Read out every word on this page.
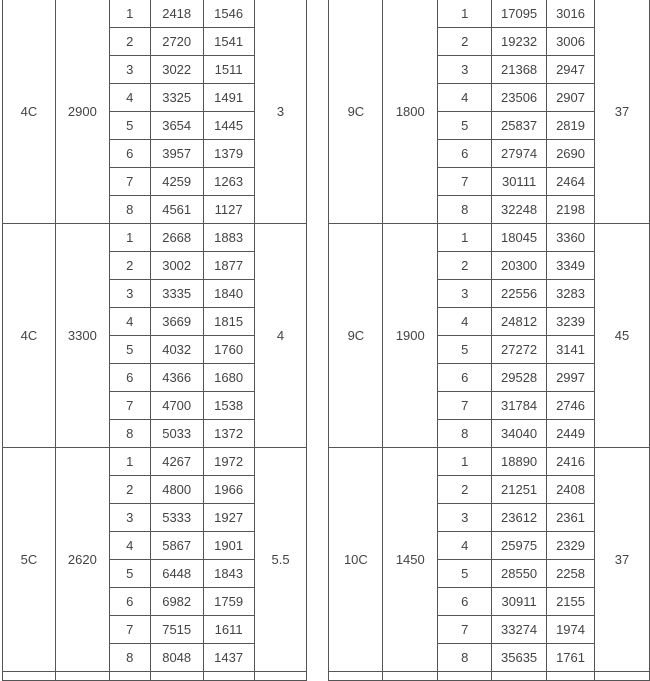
4C	2900	1	2418	1546	3		9C	1800	1	17095	3016	37
		2	2720	1541					2	19232	3006	
		3	3022	1511					3	21368	2947	
		4	3325	1491					4	23506	2907	
		5	3654	1445					5	25837	2819	
		6	3957	1379					6	27974	2690	
		7	4259	1263					7	30111	2464	
		8	4561	1127					8	32248	2198	
4C	3300	1	2668	1883	4		9C	1900	1	18045	3360	45
		2	3002	1877					2	20300	3349	
		3	3335	1840					3	22556	3283	
		4	3669	1815					4	24812	3239	
		5	4032	1760					5	27272	3141	
		6	4366	1680					6	29528	2997	
		7	4700	1538					7	31784	2746	
		8	5033	1372					8	34040	2449	
5C	2620	1	4267	1972	5.5		10C	1450	1	18890	2416	37
		2	4800	1966					2	21251	2408	
		3	5333	1927					3	23612	2361	
		4	5867	1901					4	25975	2329	
		5	6448	1843					5	28550	2258	
		6	6982	1759					6	30911	2155	
		7	7515	1611					7	33274	1974	
		8	8048	1437					8	35635	1761	
